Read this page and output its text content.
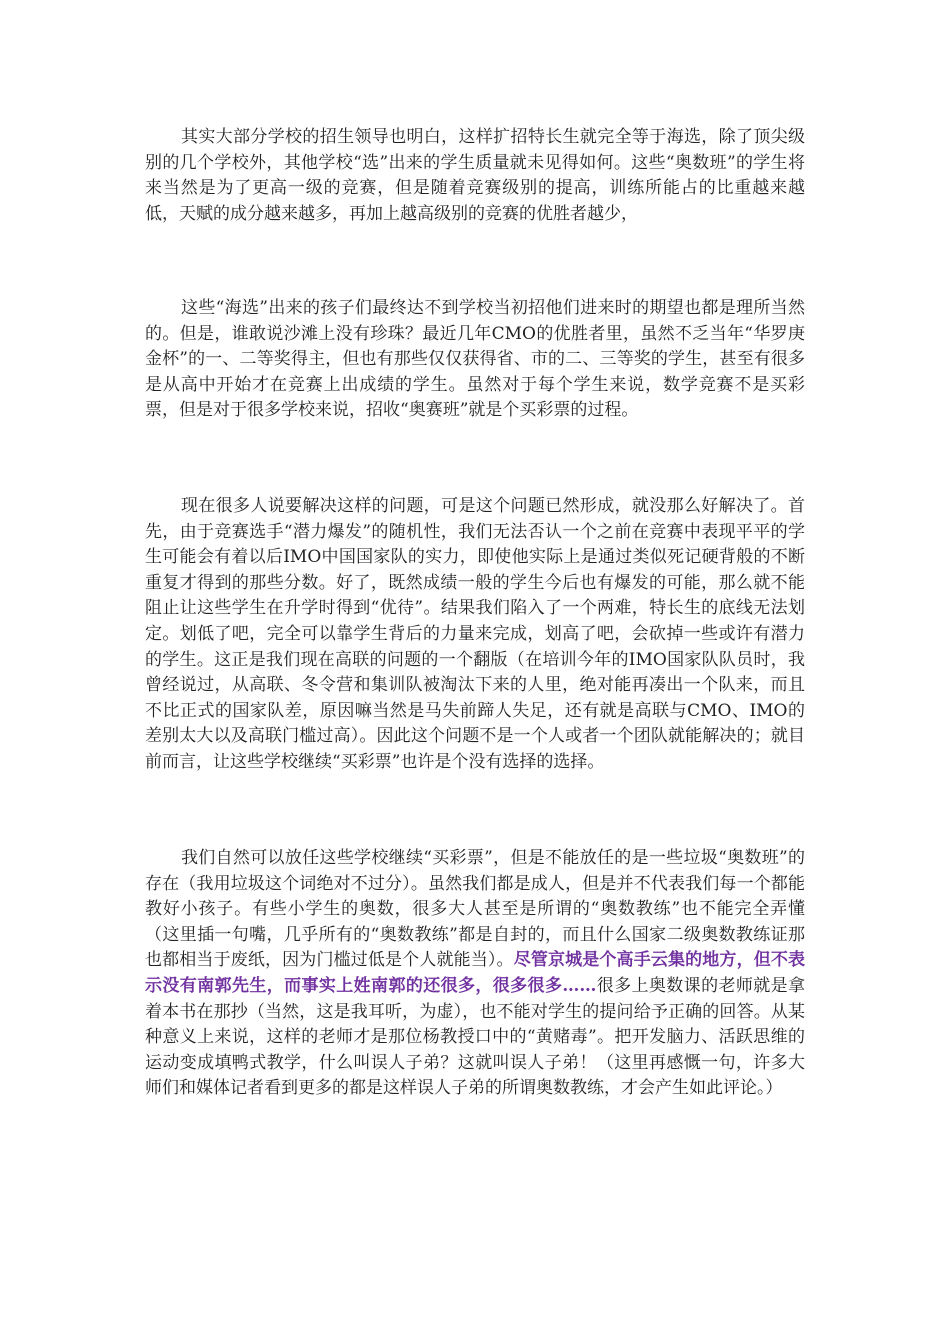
其实大部分学校的招生领导也明白，这样扩招特长生就完全等于海选，除了顶尖级别的几个学校外，其他学校“选”出来的学生质量就未见得如何。这些“奥数班”的学生将来当然是为了更高一级的竞赛，但是随着竞赛级别的提高，训练所能占的比重越来越低，天赋的成分越来越多，再加上越高级别的竞赛的优胜者越少，

这些“海选”出来的孩子们最终达不到学校当初招他们进来时的期望也都是理所当然的。但是，谁敢说沙滩上没有珍珠？最近几年CMO的优胜者里，虽然不乏当年“华罗庚金杯”的一、二等奖得主，但也有那些仅仅获得省、市的二、三等奖的学生，甚至有很多是从高中开始才在竞赛上出成绩的学生。虽然对于每个学生来说，数学竞赛不是买彩票，但是对于很多学校来说，招收“奥赛班”就是个买彩票的过程。

现在很多人说要解决这样的问题，可是这个问题已然形成，就没那么好解决了。首先，由于竞赛选手“潜力爆发”的随机性，我们无法否认一个之前在竞赛中表现平平的学生可能会有着以后IMO中国国家队的实力，即使他实际上是通过类似死记硬背般的不断重复才得到的那些分数。好了，既然成绩一般的学生今后也有爆发的可能，那么就不能阻止让这些学生在升学时得到“优待”。结果我们陷入了一个两难，特长生的底线无法划定。划低了吧，完全可以靠学生背后的力量来完成，划高了吧，会砍掉一些或许有潜力的学生。这正是我们现在高联的问题的一个翻版（在培训今年的IMO国家队队员时，我曾经说过，从高联、冬令营和集训队被淘汰下来的人里，绝对能再凑出一个队来，而且不比正式的国家队差，原因嘛当然是马失前蹄人失足，还有就是高联与CMO、IMO的差别太大以及高联门槛过高）。因此这个问题不是一个人或者一个团队就能解决的；就目前而言，让这些学校继续“买彩票”也许是个没有选择的选择。

我们自然可以放任这些学校继续“买彩票”，但是不能放任的是一些垃圾“奥数班”的存在（我用垃圾这个词绝对不过分）。虽然我们都是成人，但是并不代表我们每一个都能教好小孩子。有些小学生的奥数，很多大人甚至是所谓的“奥数教练”也不能完全弄懂（这里插一句嘴，几乎所有的“奥数教练”都是自封的，而且什么国家二级奥数教练证那也都相当于废纸，因为门槛过低是个人就能当）。尽管京城是个高手云集的地方，但不表示没有南郭先生，而事实上姓南郭的还很多，很多很多……很多上奥数课的老师就是拿着本书在那抄（当然，这是我耳听，为虚），也不能对学生的提问给予正确的回答。从某种意义上来说，这样的老师才是那位杨教授口中的“黄赌毒”。把开发脑力、活跃思维的运动变成填鸭式教学，什么叫误人子弟？这就叫误人子弟！（这里再感慨一句，许多大师们和媒体记者看到更多的都是这样误人子弟的所谓奥数教练，才会产生如此评论。）
